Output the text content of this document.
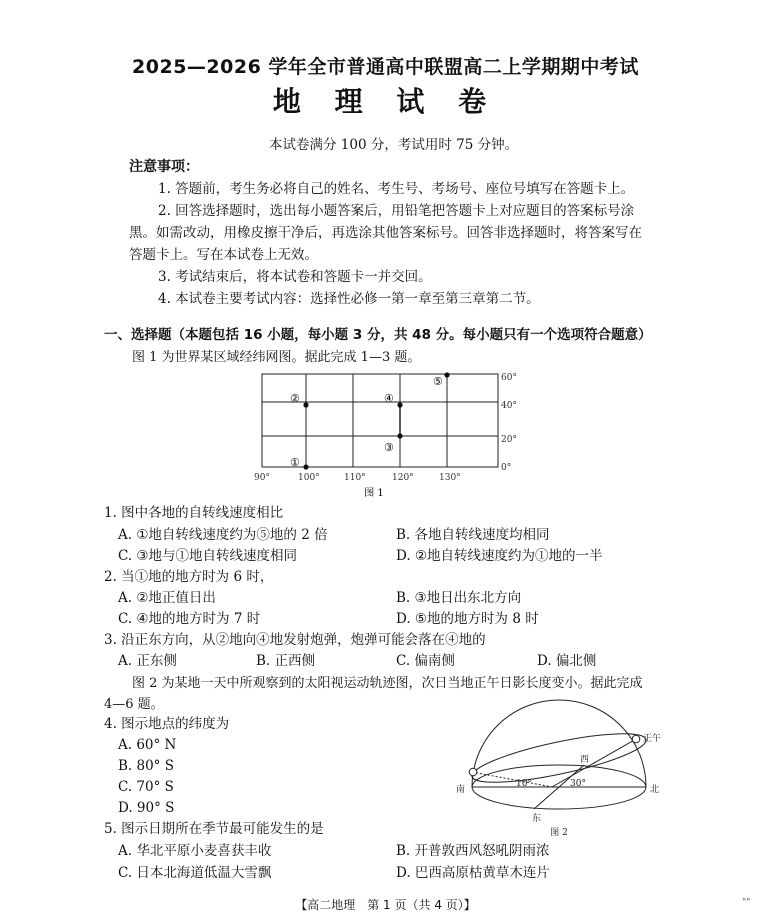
2025—2026 学年全市普通高中联盟高二上学期期中考试
地 理 试 卷
本试卷满分 100 分，考试用时 75 分钟。
注意事项：
1. 答题前，考生务必将自己的姓名、考生号、考场号、座位号填写在答题卡上。
2. 回答选择题时，选出每小题答案后，用铅笔把答题卡上对应题目的答案标号涂
黑。如需改动，用橡皮擦干净后，再选涂其他答案标号。回答非选择题时，将答案写在
答题卡上。写在本试卷上无效。
3. 考试结束后，将本试卷和答题卡一并交回。
4. 本试卷主要考试内容：选择性必修一第一章至第三章第二节。
一、选择题（本题包括 16 小题，每小题 3 分，共 48 分。每小题只有一个选项符合题意）
图 1 为世界某区域经纬网图。据此完成 1—3 题。
①
②
③
④
⑤
90°	100°	110°	120°	130°
60°
40°
20°
0°
图 1
1. 图中各地的自转线速度相比
A. ①地自转线速度约为⑤地的 2 倍	B. 各地自转线速度均相同
C. ③地与①地自转线速度相同	D. ②地自转线速度约为①地的一半
2. 当①地的地方时为 6 时，
A. ②地正值日出	B. ③地日出东北方向
C. ④地的地方时为 7 时	D. ⑤地的地方时为 8 时
3. 沿正东方向，从②地向④地发射炮弹，炮弹可能会落在④地的
A. 正东侧	B. 正西侧	C. 偏南侧	D. 偏北侧
图 2 为某地一天中所观察到的太阳视运动轨迹图，次日当地正午日影长度变小。据此完成
4—6 题。
4. 图示地点的纬度为
A. 60° N
B. 80° S
C. 70° S
D. 90° S
正午
西
南	北
东
10°	30°
图 2
5. 图示日期所在季节最可能发生的是
A. 华北平原小麦喜获丰收	B. 开普敦西风怒吼阴雨浓
C. 日本北海道低温大雪飘	D. 巴西高原枯黄草木连片
【高二地理　第 1 页（共 4 页）】	""
